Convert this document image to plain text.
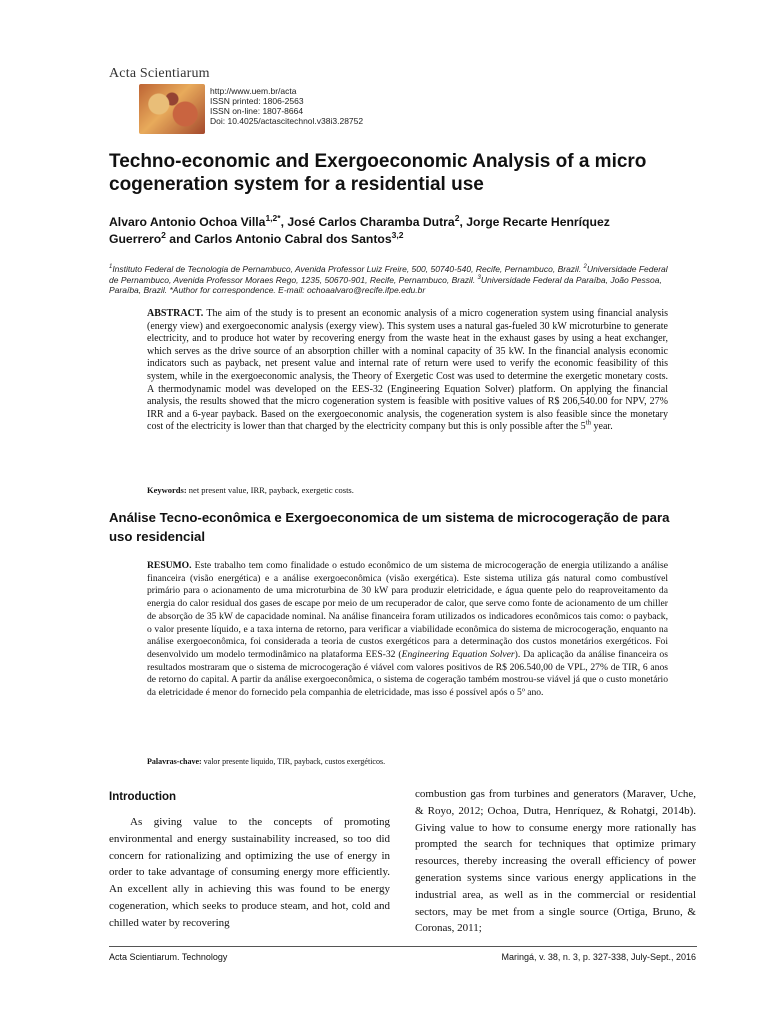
Acta Scientiarum
http://www.uem.br/acta
ISSN printed: 1806-2563
ISSN on-line: 1807-8664
Doi: 10.4025/actascitechnol.v38i3.28752
Techno-economic and Exergoeconomic Analysis of a micro cogeneration system for a residential use
Alvaro Antonio Ochoa Villa$^{1,2*}$, José Carlos Charamba Dutra$^2$, Jorge Recarte Henríquez Guerrero$^2$ and Carlos Antonio Cabral dos Santos$^{3,2}$
$^1$Instituto Federal de Tecnologia de Pernambuco, Avenida Professor Luiz Freire, 500, 50740-540, Recife, Pernambuco, Brazil. $^2$Universidade Federal de Pernambuco, Avenida Professor Moraes Rego, 1235, 50670-901, Recife, Pernambuco, Brazil. $^3$Universidade Federal da Paraíba, João Pessoa, Paraíba, Brazil. *Author for correspondence. E-mail: ochoaalvaro@recife.ifpe.edu.br
ABSTRACT. The aim of the study is to present an economic analysis of a micro cogeneration system using financial analysis (energy view) and exergoeconomic analysis (exergy view). This system uses a natural gas-fueled 30 kW microturbine to generate electricity, and to produce hot water by recovering energy from the waste heat in the exhaust gases by using a heat exchanger, which serves as the drive source of an absorption chiller with a nominal capacity of 35 kW. In the financial analysis economic indicators such as payback, net present value and internal rate of return were used to verify the economic feasibility of this system, while in the exergoeconomic analysis, the Theory of Exergetic Cost was used to determine the exergetic monetary costs. A thermodynamic model was developed on the EES-32 (Engineering Equation Solver) platform. On applying the financial analysis, the results showed that the micro cogeneration system is feasible with positive values of R$ 206,540.00 for NPV, 27% IRR and a 6-year payback. Based on the exergoeconomic analysis, the cogeneration system is also feasible since the monetary cost of the electricity is lower than that charged by the electricity company but this is only possible after the 5th year.
Keywords: net present value, IRR, payback, exergetic costs.
Análise Tecno-econômica e Exergoeconomica de um sistema de microcogeração de para uso residencial
RESUMO. Este trabalho tem como finalidade o estudo econômico de um sistema de microcogeração de energia utilizando a análise financeira (visão energética) e a análise exergoeconômica (visão exergética). Este sistema utiliza gás natural como combustível primário para o acionamento de uma microturbina de 30 kW para produzir eletricidade, e água quente pelo do reaproveitamento da energia do calor residual dos gases de escape por meio de um recuperador de calor, que serve como fonte de acionamento de um chiller de absorção de 35 kW de capacidade nominal. Na análise financeira foram utilizados os indicadores econômicos tais como: o payback, o valor presente líquido, e a taxa interna de retorno, para verificar a viabilidade econômica do sistema de microcogeração, enquanto na análise exergoeconômica, foi considerada a teoria de custos exergéticos para a determinação dos custos monetários exergéticos. Foi desenvolvido um modelo termodinâmico na plataforma EES-32 (Engineering Equation Solver). Da aplicação da análise financeira os resultados mostraram que o sistema de microcogeração é viável com valores positivos de R$ 206.540,00 de VPL, 27% de TIR, 6 anos de retorno do capital. A partir da análise exergoeconômica, o sistema de cogeração também mostrou-se viável já que o custo monetário da eletricidade é menor do fornecido pela companhia de eletricidade, mas isso é possível após o 5º ano.
Palavras-chave: valor presente liquido, TIR, payback, custos exergéticos.
Introduction

As giving value to the concepts of promoting environmental and energy sustainability increased, so too did concern for rationalizing and optimizing the use of energy in order to take advantage of consuming energy more efficiently. An excellent ally in achieving this was found to be energy cogeneration, which seeks to produce steam, and hot, cold and chilled water by recovering

combustion gas from turbines and generators (Maraver, Uche, & Royo, 2012; Ochoa, Dutra, Henríquez, & Rohatgi, 2014b). Giving value to how to consume energy more rationally has prompted the search for techniques that optimize primary resources, thereby increasing the overall efficiency of power generation systems since various energy applications in the industrial area, as well as in the commercial or residential sectors, may be met from a single source (Ortiga, Bruno, & Coronas, 2011;

Acta Scientiarum. Technology	Maringá, v. 38, n. 3, p. 327-338, July-Sept., 2016
